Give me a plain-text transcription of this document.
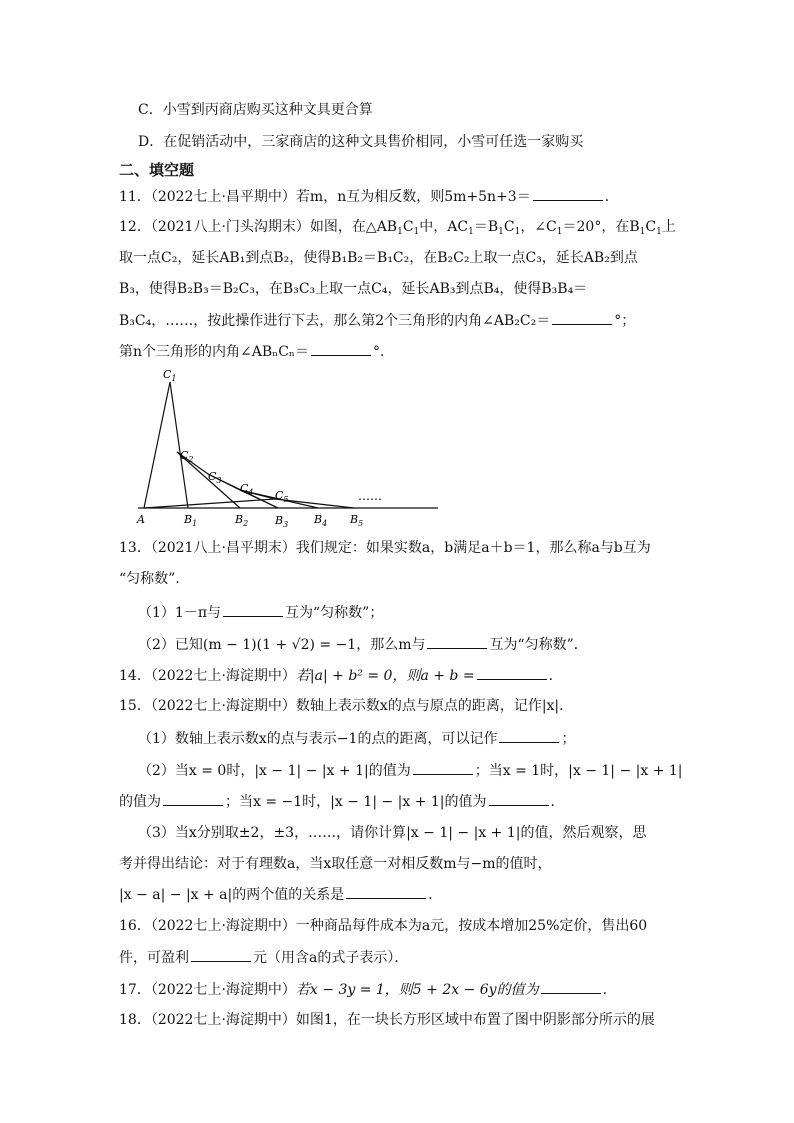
C．小雪到丙商店购买这种文具更合算
D．在促销活动中，三家商店的这种文具售价相同，小雪可任选一家购买
二、填空题
11．（2022七上·昌平期中）若m，n互为相反数，则5m+5n+3＝	．
12．（2021八上·门头沟期末）如图，在$\triangle AB_1C_1$中，$AC_1=B_1C_1$，$\angle C_1=20^\circ$，在$B_1C_1$上
取一点C₂，延长AB₁到点B₂，使得B₁B₂＝B₁C₂，在B₂C₂上取一点C₃，延长AB₂到点
B₃，使得B₂B₃＝B₂C₃，在B₃C₃上取一点C₄，延长AB₃到点B₄，使得B₃B₄＝
B₃C₄，……，按此操作进行下去，那么第2个三角形的内角∠AB₂C₂＝	°；
第n个三角形的内角∠ABₙCₙ＝	°．
$C_1$
$C_2$
$C_3$
$C_4$ $C_5$	……
A	$B_1$	$B_2$ $B_3$ $B_4$ $B_5$
13．（2021八上·昌平期末）我们规定：如果实数a，b满足a＋b＝1，那么称a与b互为
“匀称数”．
（1）1－π与	互为“匀称数”；
（2）已知(m − 1)(1 + √2) = −1，那么m与	互为“匀称数”．
14．（2022七上·海淀期中）若|a| + b² = 0，则a + b =	．
15．（2022七上·海淀期中）数轴上表示数x的点与原点的距离，记作|x|．
（1）数轴上表示数x的点与表示−1的点的距离，可以记作	；
（2）当x = 0时，|x − 1| − |x + 1|的值为	；当x = 1时，|x − 1| − |x + 1|
的值为	；当x = −1时，|x − 1| − |x + 1|的值为	．
（3）当x分别取±2，±3，……，请你计算|x − 1| − |x + 1|的值，然后观察，思
考并得出结论：对于有理数a，当x取任意一对相反数m与−m的值时，
|x − a| − |x + a|的两个值的关系是	．
16．（2022七上·海淀期中）一种商品每件成本为a元，按成本增加25%定价，售出60
件，可盈利	元（用含a的式子表示）．
17．（2022七上·海淀期中）若x − 3y = 1，则5 + 2x − 6y的值为	．
18．（2022七上·海淀期中）如图1，在一块长方形区域中布置了图中阴影部分所示的展
